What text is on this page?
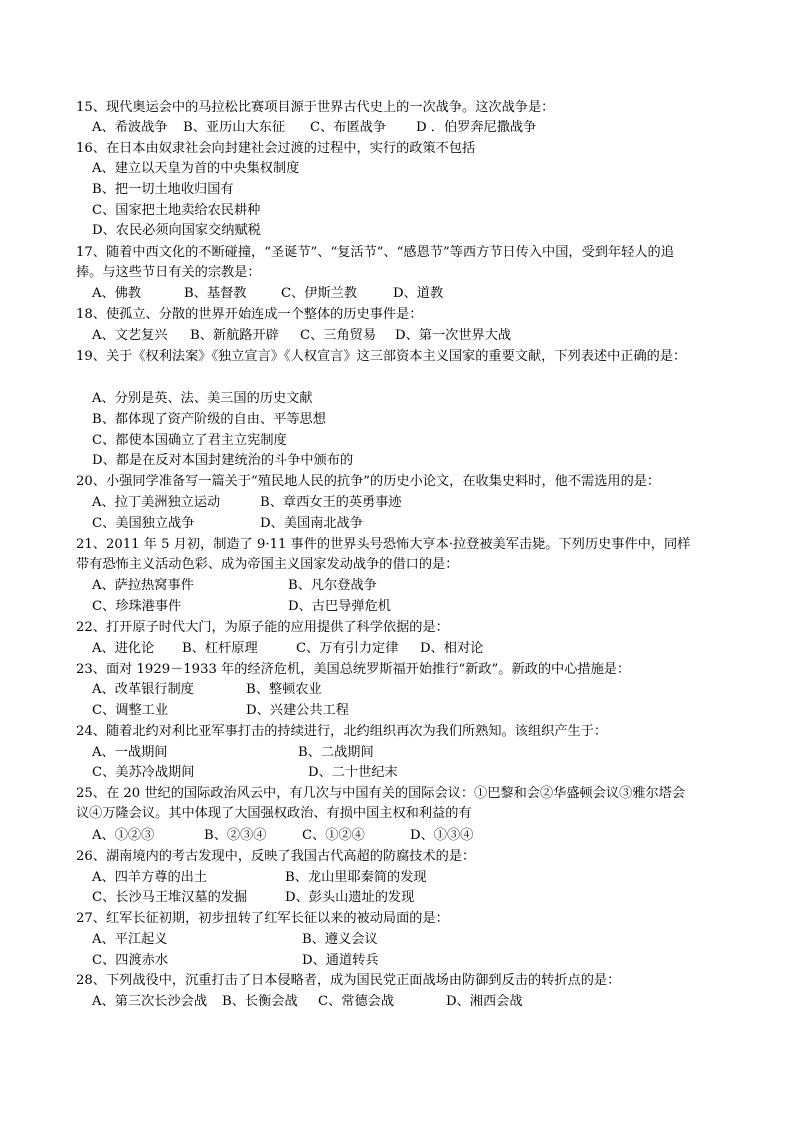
15、现代奥运会中的马拉松比赛项目源于世界古代史上的一次战争。这次战争是：
A、希波战争 B、亚历山大东征 C、布匿战争 D ．伯罗奔尼撒战争
16、在日本由奴隶社会向封建社会过渡的过程中，实行的政策不包括
A、建立以天皇为首的中央集权制度
B、把一切土地收归国有
C、国家把土地卖给农民耕种
D、农民必须向国家交纳赋税
17、随着中西文化的不断碰撞，“圣诞节”、“复活节”、“感恩节”等西方节日传入中国，受到年轻人的追
捧。与这些节日有关的宗教是：
A、佛教	B、基督教	C、伊斯兰教	D、道教
18、使孤立、分散的世界开始连成一个整体的历史事件是：
A、文艺复兴 B、新航路开辟 C、三角贸易 D、第一次世界大战
19、关于《权利法案》《独立宣言》《人权宣言》这三部资本主义国家的重要文献，下列表述中正确的是：
A、分别是英、法、美三国的历史文献
B、都体现了资产阶级的自由、平等思想
C、都使本国确立了君主立宪制度
D、都是在反对本国封建统治的斗争中颁布的
20、小强同学准备写一篇关于“殖民地人民的抗争”的历史小论文，在收集史料时，他不需选用的是：
A、拉丁美洲独立运动	B、章西女王的英勇事迹
C、美国独立战争	D、美国南北战争
21、2011 年 5 月初，制造了 9·11 事件的世界头号恐怖大亨本·拉登被美军击毙。下列历史事件中，同样
带有恐怖主义活动色彩、成为帝国主义国家发动战争的借口的是：
A、萨拉热窝事件	B、凡尔登战争
C、珍珠港事件	D、古巴导弹危机
22、打开原子时代大门，为原子能的应用提供了科学依据的是：
A、进化论 B、杠杆原理	C、万有引力定律 D、相对论
23、面对 1929－1933 年的经济危机，美国总统罗斯福开始推行“新政”。新政的中心措施是：
A、改革银行制度	B、整顿农业
C、调整工业	D、兴建公共工程
24、随着北约对利比亚军事打击的持续进行，北约组织再次为我们所熟知。该组织产生于：
A、一战期间	B、二战期间
C、美苏冷战期间	D、二十世纪末
25、在 20 世纪的国际政治风云中，有几次与中国有关的国际会议：①巴黎和会②华盛顿会议③雅尔塔会
议④万隆会议。其中体现了大国强权政治、有损中国主权和利益的有
A、①②③	B、②③④	C、①②④	D、①③④
26、湖南境内的考古发现中，反映了我国古代高超的防腐技术的是：
A、四羊方尊的出土	B、龙山里耶秦简的发现
C、长沙马王堆汉墓的发掘	D、彭头山遗址的发现
27、红军长征初期，初步扭转了红军长征以来的被动局面的是：
A、平江起义	B、遵义会议
C、四渡赤水	D、通道转兵
28、下列战役中，沉重打击了日本侵略者，成为国民党正面战场由防御到反击的转折点的是：
A、第三次长沙会战 B、长衡会战 C、常德会战	D、湘西会战
